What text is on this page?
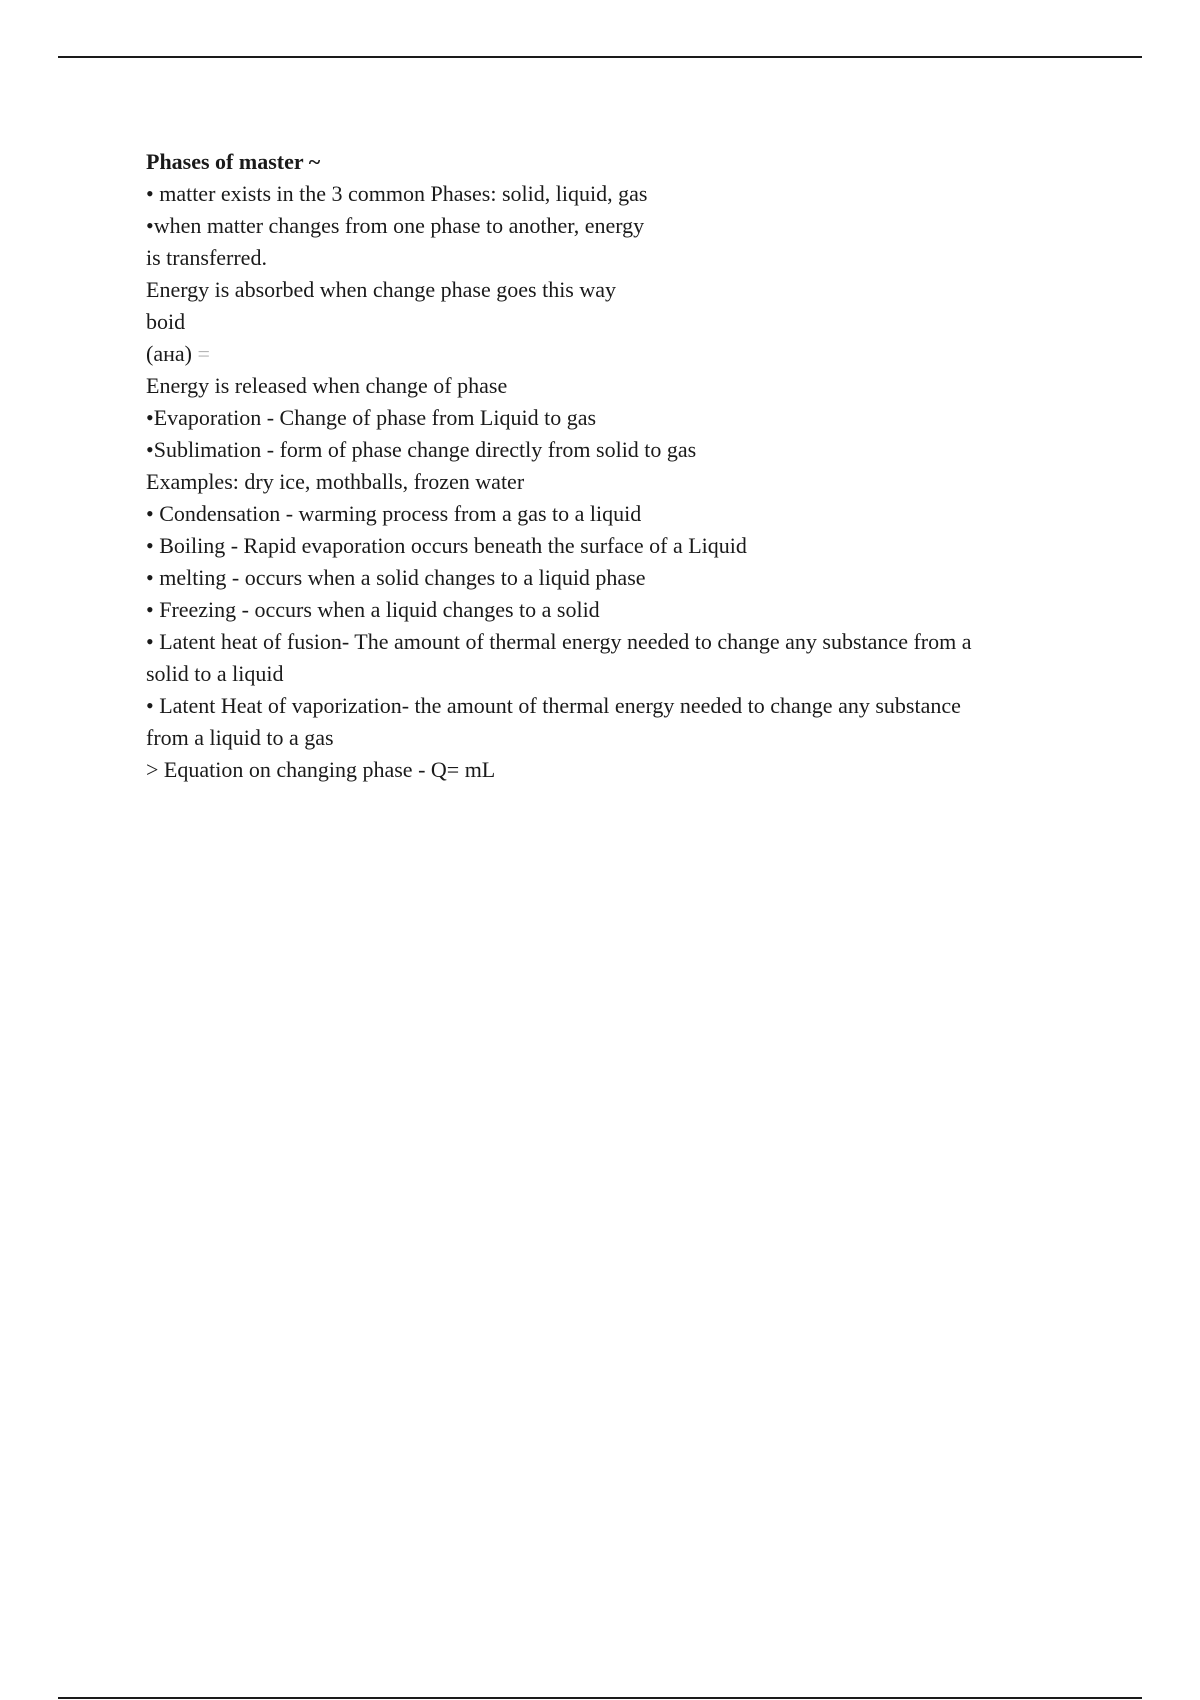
Phases of master ~

• matter exists in the 3 common Phases: solid, liquid, gas

•when matter changes from one phase to another, energy

is transferred.

Energy is absorbed when change phase goes this way

boid

(ана) =

Energy is released when change of phase

•Evaporation - Change of phase from Liquid to gas

•Sublimation - form of phase change directly from solid to gas

Examples: dry ice, mothballs, frozen water

• Condensation - warming process from a gas to a liquid

• Boiling - Rapid evaporation occurs beneath the surface of a Liquid

• melting - occurs when a solid changes to a liquid phase

• Freezing - occurs when a liquid changes to a solid

• Latent heat of fusion- The amount of thermal energy needed to change any substance from a

solid to a liquid

• Latent Heat of vaporization- the amount of thermal energy needed to change any substance

from a liquid to a gas

> Equation on changing phase - Q= mL
